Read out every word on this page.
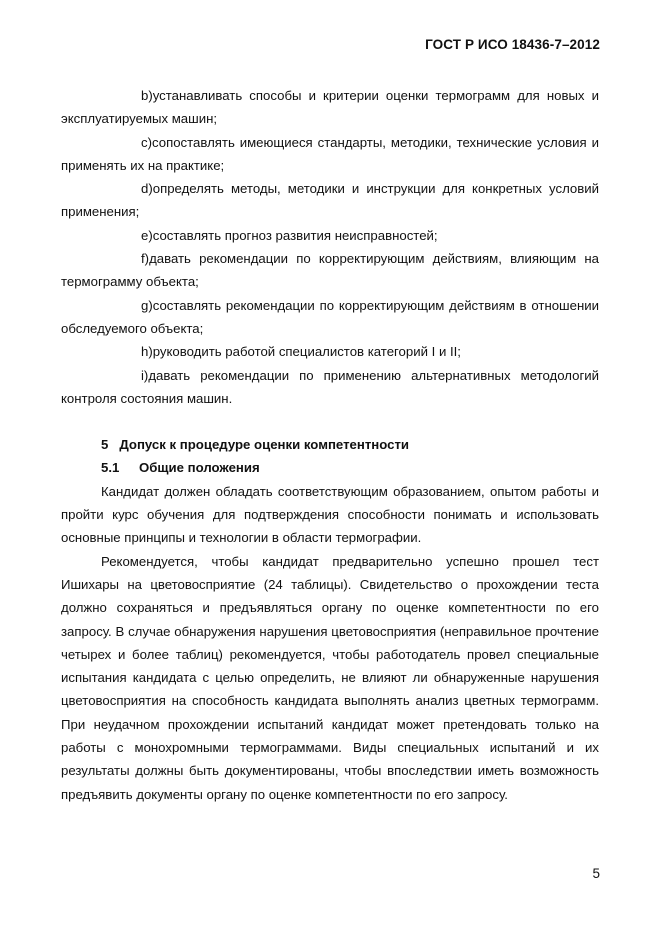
ГОСТ Р ИСО 18436-7–2012

b)устанавливать способы и критерии оценки термограмм для новых и эксплуатируемых машин;

c)сопоставлять имеющиеся стандарты, методики, технические условия и применять их на практике;

d)определять методы, методики и инструкции для конкретных условий применения;

e)составлять прогноз развития неисправностей;

f)давать рекомендации по корректирующим действиям, влияющим на термограмму объекта;

g)составлять рекомендации по корректирующим действиям в отношении обследуемого объекта;

h)руководить работой специалистов категорий I и II;

i)давать рекомендации по применению альтернативных методологий контроля состояния машин.

5 Допуск к процедуре оценки компетентности

5.1 Общие положения

Кандидат должен обладать соответствующим образованием, опытом работы и пройти курс обучения для подтверждения способности понимать и использовать основные принципы и технологии в области термографии.

Рекомендуется, чтобы кандидат предварительно успешно прошел тест Ишихары на цветовосприятие (24 таблицы). Свидетельство о прохождении теста должно сохраняться и предъявляться органу по оценке компетентности по его запросу. В случае обнаружения нарушения цветовосприятия (неправильное прочтение четырех и более таблиц) рекомендуется, чтобы работодатель провел специальные испытания кандидата с целью определить, не влияют ли обнаруженные нарушения цветовосприятия на способность кандидата выполнять анализ цветных термограмм. При неудачном прохождении испытаний кандидат может претендовать только на работы с монохромными термограммами. Виды специальных испытаний и их результаты должны быть документированы, чтобы впоследствии иметь возможность предъявить документы органу по оценке компетентности по его запросу.

5
